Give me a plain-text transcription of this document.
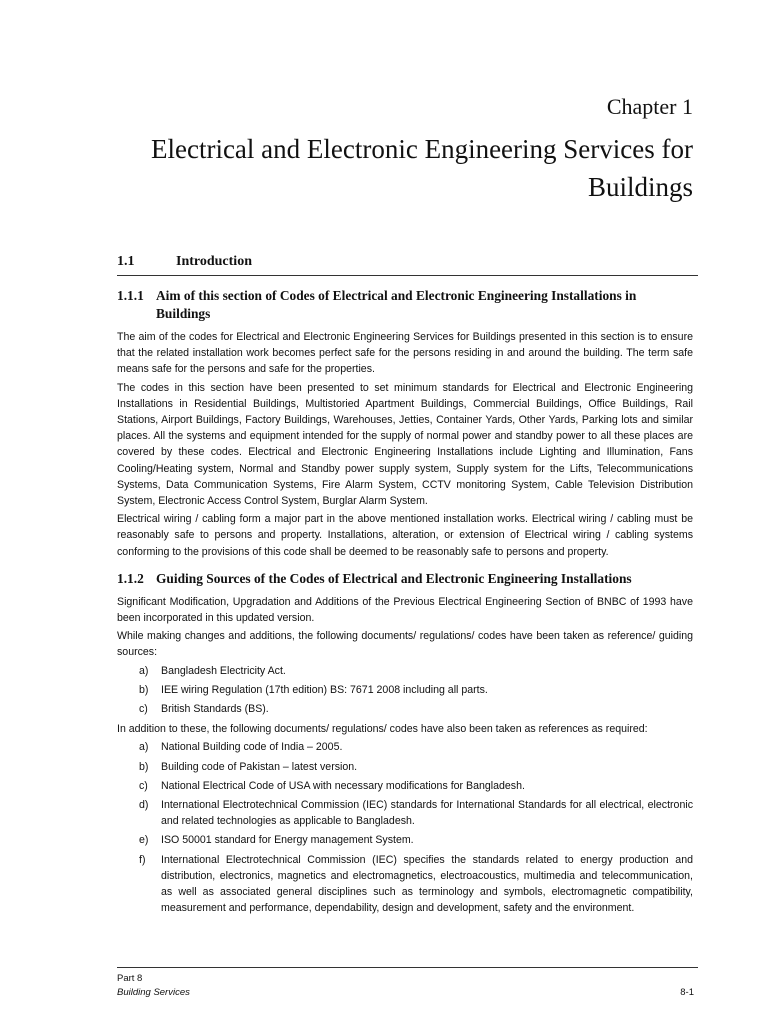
Chapter 1
Electrical and Electronic Engineering Services for Buildings
1.1	Introduction
1.1.1 Aim of this section of Codes of Electrical and Electronic Engineering Installations in Buildings

The aim of the codes for Electrical and Electronic Engineering Services for Buildings presented in this section is to ensure that the related installation work becomes perfect safe for the persons residing in and around the building. The term safe means safe for the persons and safe for the properties.

The codes in this section have been presented to set minimum standards for Electrical and Electronic Engineering Installations in Residential Buildings, Multistoried Apartment Buildings, Commercial Buildings, Office Buildings, Rail Stations, Airport Buildings, Factory Buildings, Warehouses, Jetties, Container Yards, Other Yards, Parking lots and similar places. All the systems and equipment intended for the supply of normal power and standby power to all these places are covered by these codes. Electrical and Electronic Engineering Installations include Lighting and Illumination, Fans Cooling/Heating system, Normal and Standby power supply system, Supply system for the Lifts, Telecommunications Systems, Data Communication Systems, Fire Alarm System, CCTV monitoring System, Cable Television Distribution System, Electronic Access Control System, Burglar Alarm System.

Electrical wiring / cabling form a major part in the above mentioned installation works. Electrical wiring / cabling must be reasonably safe to persons and property. Installations, alteration, or extension of Electrical wiring / cabling systems conforming to the provisions of this code shall be deemed to be reasonably safe to persons and property.

1.1.2 Guiding Sources of the Codes of Electrical and Electronic Engineering Installations

Significant Modification, Upgradation and Additions of the Previous Electrical Engineering Section of BNBC of 1993 have been incorporated in this updated version.

While making changes and additions, the following documents/ regulations/ codes have been taken as reference/ guiding sources:

a)	Bangladesh Electricity Act.
b)	IEE wiring Regulation (17th edition) BS: 7671 2008 including all parts.
c)	British Standards (BS).

In addition to these, the following documents/ regulations/ codes have also been taken as references as required:

a)	National Building code of India – 2005.
b)	Building code of Pakistan – latest version.
c)	National Electrical Code of USA with necessary modifications for Bangladesh.
d)	International Electrotechnical Commission (IEC) standards for International Standards for all electrical, electronic and related technologies as applicable to Bangladesh.
e)	ISO 50001 standard for Energy management System.
f)	International Electrotechnical Commission (IEC) specifies the standards related to energy production and distribution, electronics, magnetics and electromagnetics, electroacoustics, multimedia and telecommunication, as well as associated general disciplines such as terminology and symbols, electromagnetic compatibility, measurement and performance, dependability, design and development, safety and the environment.
Part 8
Building Services	8-1
